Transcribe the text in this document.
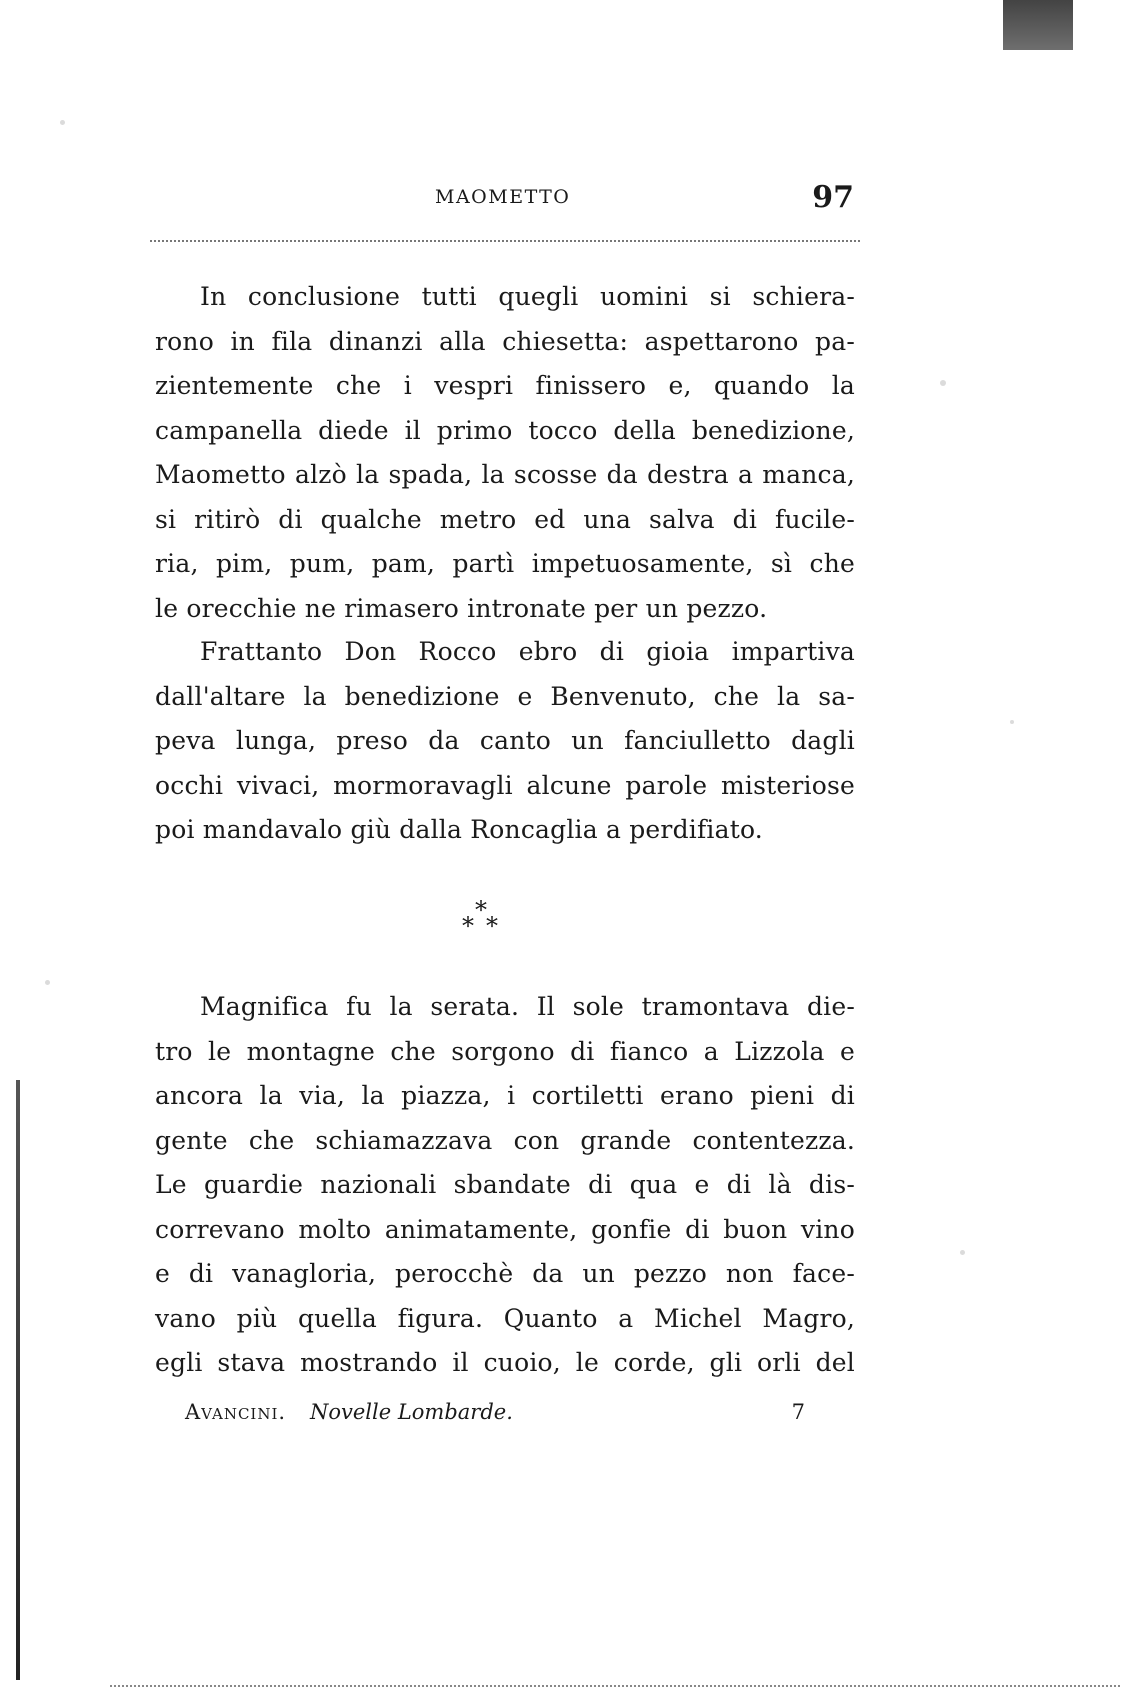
MAOMETTO	97
In conclusione tutti quegli uomini si schiera-
rono in fila dinanzi alla chiesetta: aspettarono pa-
zientemente che i vespri finissero e, quando la
campanella diede il primo tocco della benedizione,
Maometto alzò la spada, la scosse da destra a manca,
si ritirò di qualche metro ed una salva di fucile-
ria, pim, pum, pam, partì impetuosamente, sì che
le orecchie ne rimasero intronate per un pezzo.
Frattanto Don Rocco ebro di gioia impartiva
dall'altare la benedizione e Benvenuto, che la sa-
peva lunga, preso da canto un fanciulletto dagli
occhi vivaci, mormoravagli alcune parole misteriose
poi mandavalo giù dalla Roncaglia a perdifiato.
*
* *
Magnifica fu la serata. Il sole tramontava die-
tro le montagne che sorgono di fianco a Lizzola e
ancora la via, la piazza, i cortiletti erano pieni di
gente che schiamazzava con grande contentezza.
Le guardie nazionali sbandate di qua e di là dis-
correvano molto animatamente, gonfie di buon vino
e di vanagloria, perocchè da un pezzo non face-
vano più quella figura. Quanto a Michel Magro,
egli stava mostrando il cuoio, le corde, gli orli del
Avancini. Novelle Lombarde.	7
